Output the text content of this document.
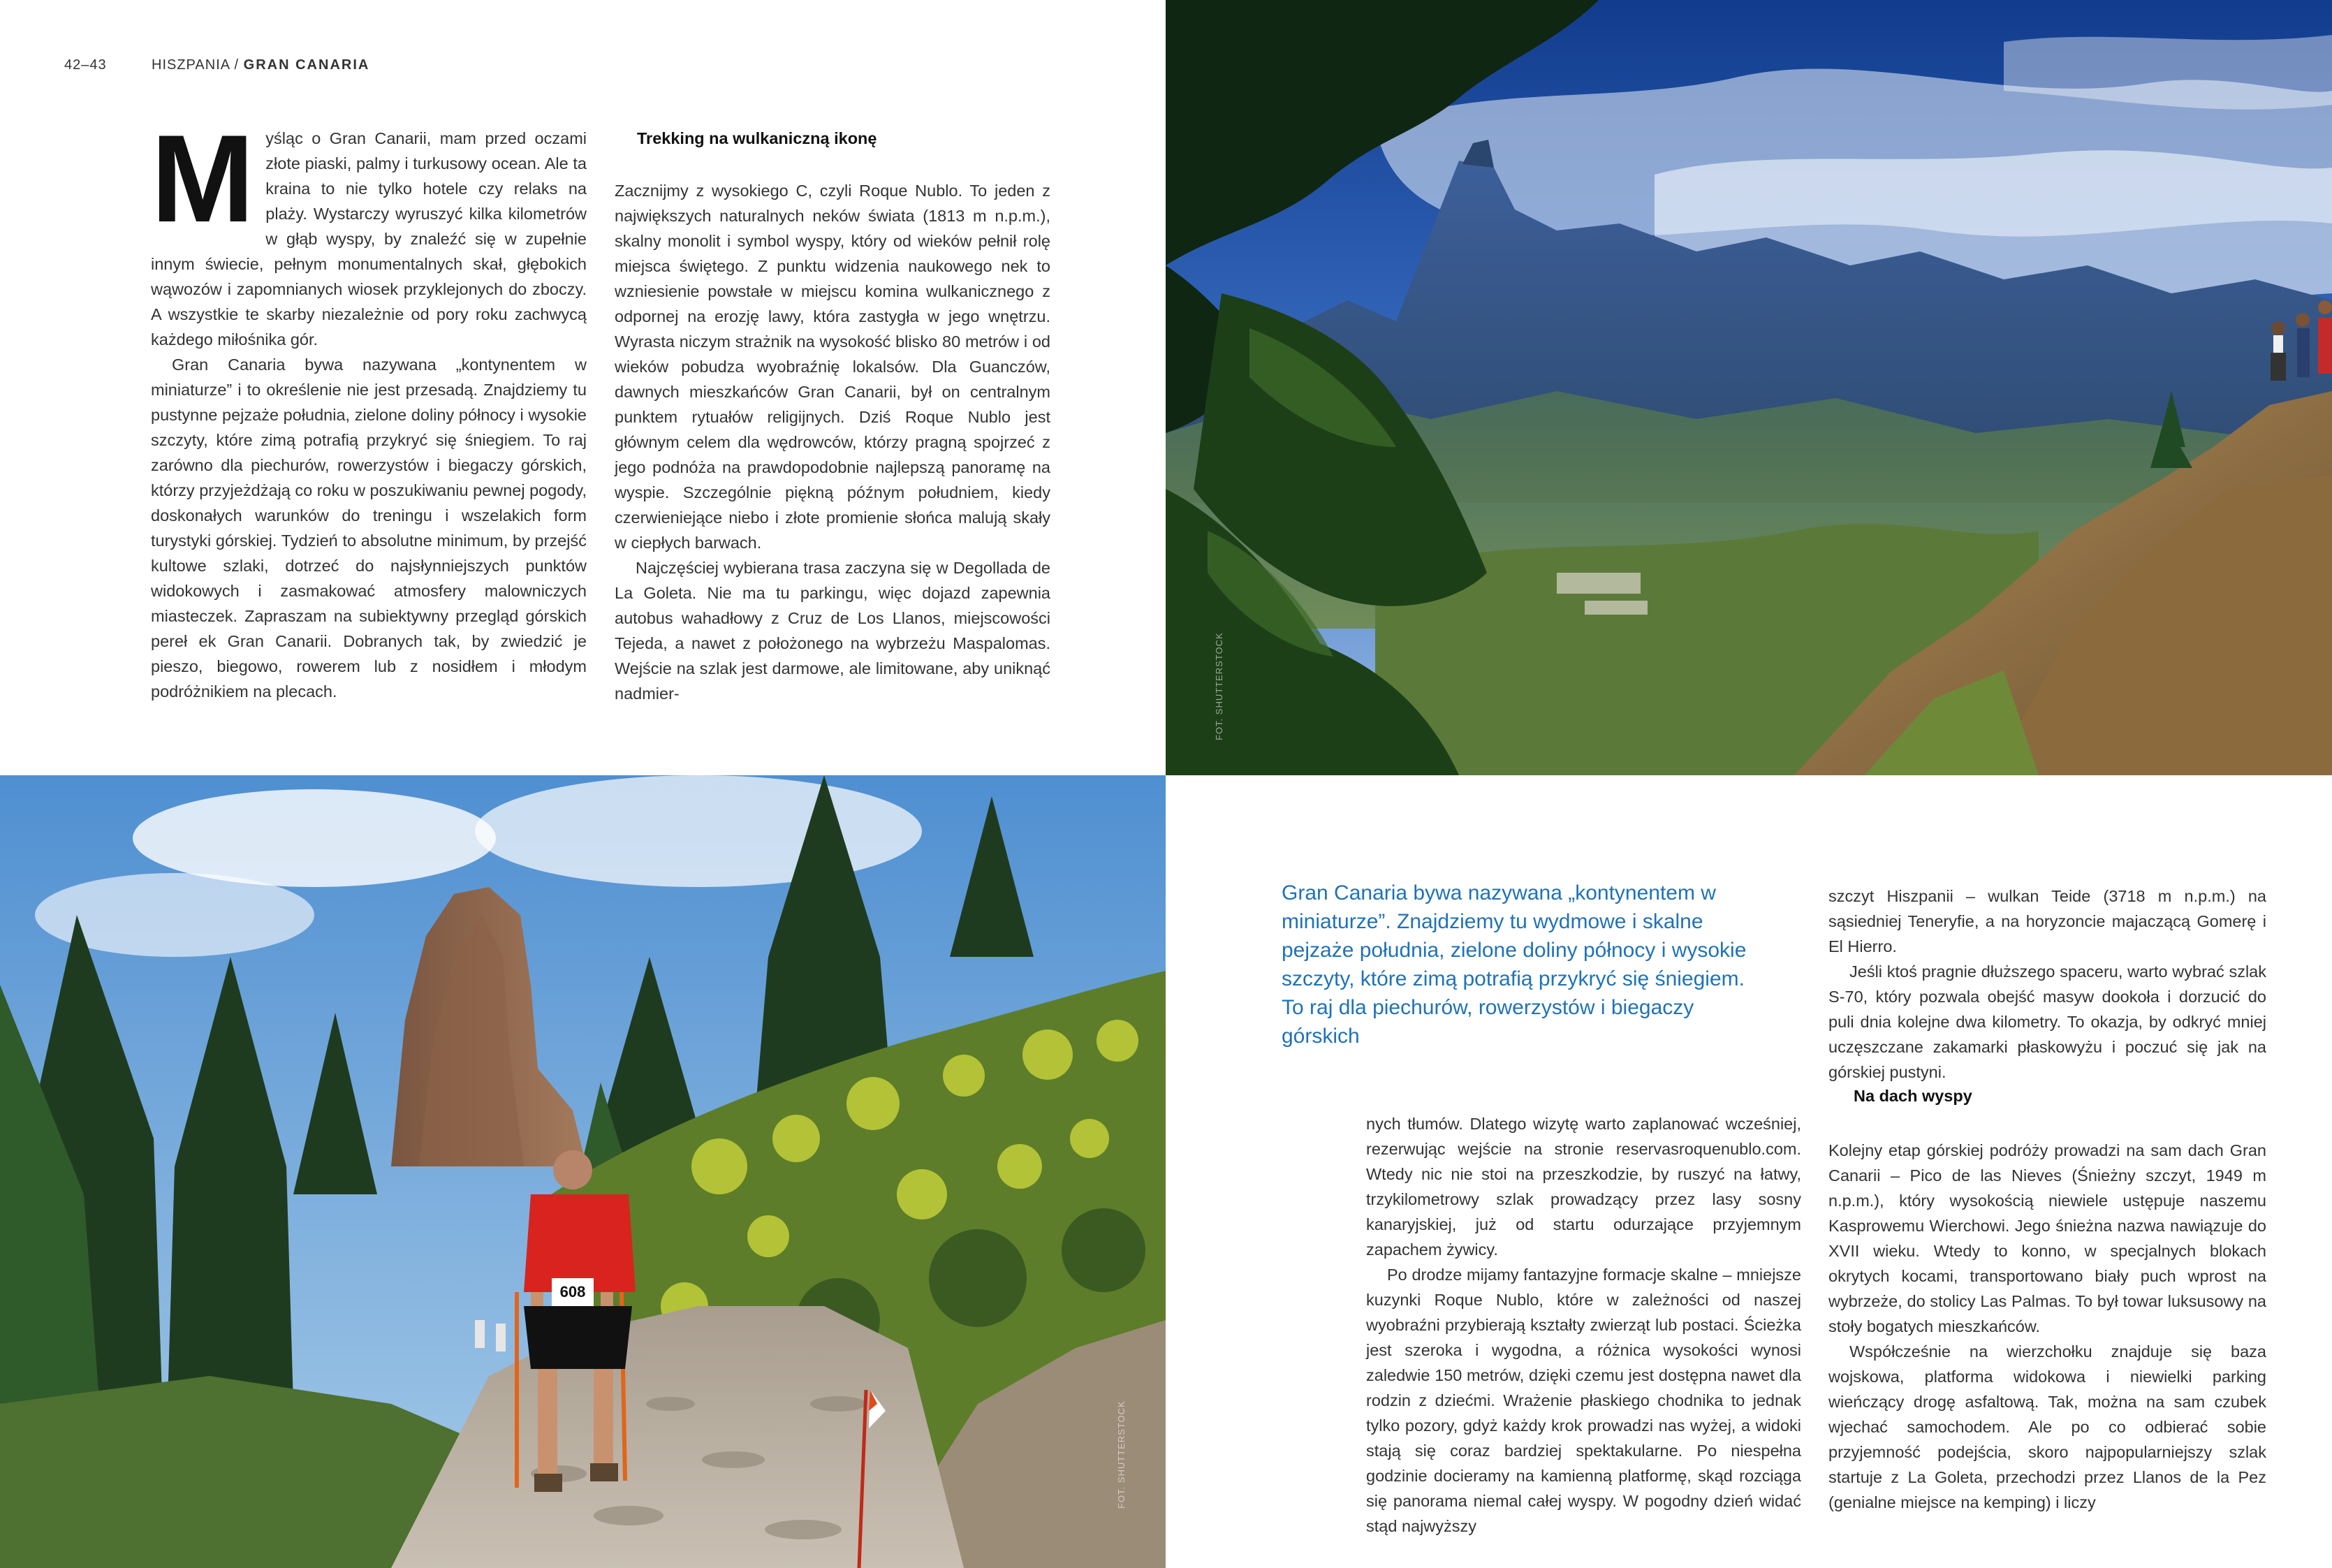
42–43	HISZPANIA / GRAN CANARIA

Myśląc o Gran Canarii, mam przed oczami złote piaski, palmy i turkusowy ocean. Ale ta kraina to nie tylko hotele czy relaks na plaży. Wystarczy wyruszyć kilka kilometrów w głąb wyspy, by znaleźć się w zupełnie innym świecie, pełnym monumentalnych skał, głębokich wąwozów i zapomnianych wiosek przyklejonych do zboczy. A wszystkie te skarby niezależnie od pory roku zachwycą każdego miłośnika gór.

Gran Canaria bywa nazywana „kontynentem w miniaturze” i to określenie nie jest przesadą. Znajdziemy tu pustynne pejzaże południa, zielone doliny północy i wysokie szczyty, które zimą potrafią przykryć się śniegiem. To raj zarówno dla piechurów, rowerzystów i biegaczy górskich, którzy przyjeżdżają co roku w poszukiwaniu pewnej pogody, doskonałych warunków do treningu i wszelakich form turystyki górskiej. Tydzień to absolutne minimum, by przejść kultowe szlaki, dotrzeć do najsłynniejszych punktów widokowych i zasmakować atmosfery malowniczych miasteczek. Zapraszam na subiektywny przegląd górskich pereł ek Gran Canarii. Dobranych tak, by zwiedzić je pieszo, biegowo, rowerem lub z nosidłem i młodym podróżnikiem na plecach.

Trekking na wulkaniczną ikonę

Zacznijmy z wysokiego C, czyli Roque Nublo. To jeden z największych naturalnych neków świata (1813 m n.p.m.), skalny monolit i symbol wyspy, który od wieków pełnił rolę miejsca świętego. Z punktu widzenia naukowego nek to wzniesienie powstałe w miejscu komina wulkanicznego z odpornej na erozję lawy, która zastygła w jego wnętrzu. Wyrasta niczym strażnik na wysokość blisko 80 metrów i od wieków pobudza wyobraźnię lokalsów. Dla Guanczów, dawnych mieszkańców Gran Canarii, był on centralnym punktem rytuałów religijnych. Dziś Roque Nublo jest głównym celem dla wędrowców, którzy pragną spojrzeć z jego podnóża na prawdopodobnie najlepszą panoramę na wyspie. Szczególnie piękną późnym południem, kiedy czerwieniejące niebo i złote promienie słońca malują skały w ciepłych barwach.

Najczęściej wybierana trasa zaczyna się w Degollada de La Goleta. Nie ma tu parkingu, więc dojazd zapewnia autobus wahadłowy z Cruz de Los Llanos, miejscowości Tejeda, a nawet z położonego na wybrzeżu Maspalomas. Wejście na szlak jest darmowe, ale limitowane, aby uniknąć nadmier-	FOT. SHUTTERSTOCK
608
FOT. SHUTTERSTOCK
Gran Canaria bywa nazywana „kontynentem w miniaturze”. Znajdziemy tu wydmowe i skalne pejzaże południa, zielone doliny północy i wysokie szczyty, które zimą potrafią przykryć się śniegiem. To raj dla piechurów, rowerzystów i biegaczy górskich

szczyt Hiszpanii – wulkan Teide (3718 m n.p.m.) na sąsiedniej Teneryfie, a na horyzoncie majaczącą Gomerę i El Hierro.

Jeśli ktoś pragnie dłuższego spaceru, warto wybrać szlak S-70, który pozwala obejść masyw dookoła i dorzucić do puli dnia kolejne dwa kilometry. To okazja, by odkryć mniej uczęszczane zakamarki płaskowyżu i poczuć się jak na górskiej pustyni.

nych tłumów. Dlatego wizytę warto zaplanować wcześniej, rezerwując wejście na stronie reservasroquenublo.com. Wtedy nic nie stoi na przeszkodzie, by ruszyć na łatwy, trzykilometrowy szlak prowadzący przez lasy sosny kanaryjskiej, już od startu odurzające przyjemnym zapachem żywicy.

Po drodze mijamy fantazyjne formacje skalne – mniejsze kuzynki Roque Nublo, które w zależności od naszej wyobraźni przybierają kształty zwierząt lub postaci. Ścieżka jest szeroka i wygodna, a różnica wysokości wynosi zaledwie 150 metrów, dzięki czemu jest dostępna nawet dla rodzin z dziećmi. Wrażenie płaskiego chodnika to jednak tylko pozory, gdyż każdy krok prowadzi nas wyżej, a widoki stają się coraz bardziej spektakularne. Po niespełna godzinie docieramy na kamienną platformę, skąd rozciąga się panorama niemal całej wyspy. W pogodny dzień widać stąd najwyższy

Na dach wyspy

Kolejny etap górskiej podróży prowadzi na sam dach Gran Canarii – Pico de las Nieves (Śnieżny szczyt, 1949 m n.p.m.), który wysokością niewiele ustępuje naszemu Kasprowemu Wierchowi. Jego śnieżna nazwa nawiązuje do XVII wieku. Wtedy to konno, w specjalnych blokach okrytych kocami, transportowano biały puch wprost na wybrzeże, do stolicy Las Palmas. To był towar luksusowy na stoły bogatych mieszkańców.

Współcześnie na wierzchołku znajduje się baza wojskowa, platforma widokowa i niewielki parking wieńczący drogę asfaltową. Tak, można na sam czubek wjechać samochodem. Ale po co odbierać sobie przyjemność podejścia, skoro najpopularniejszy szlak startuje z La Goleta, przechodzi przez Llanos de la Pez (genialne miejsce na kemping) i liczy
